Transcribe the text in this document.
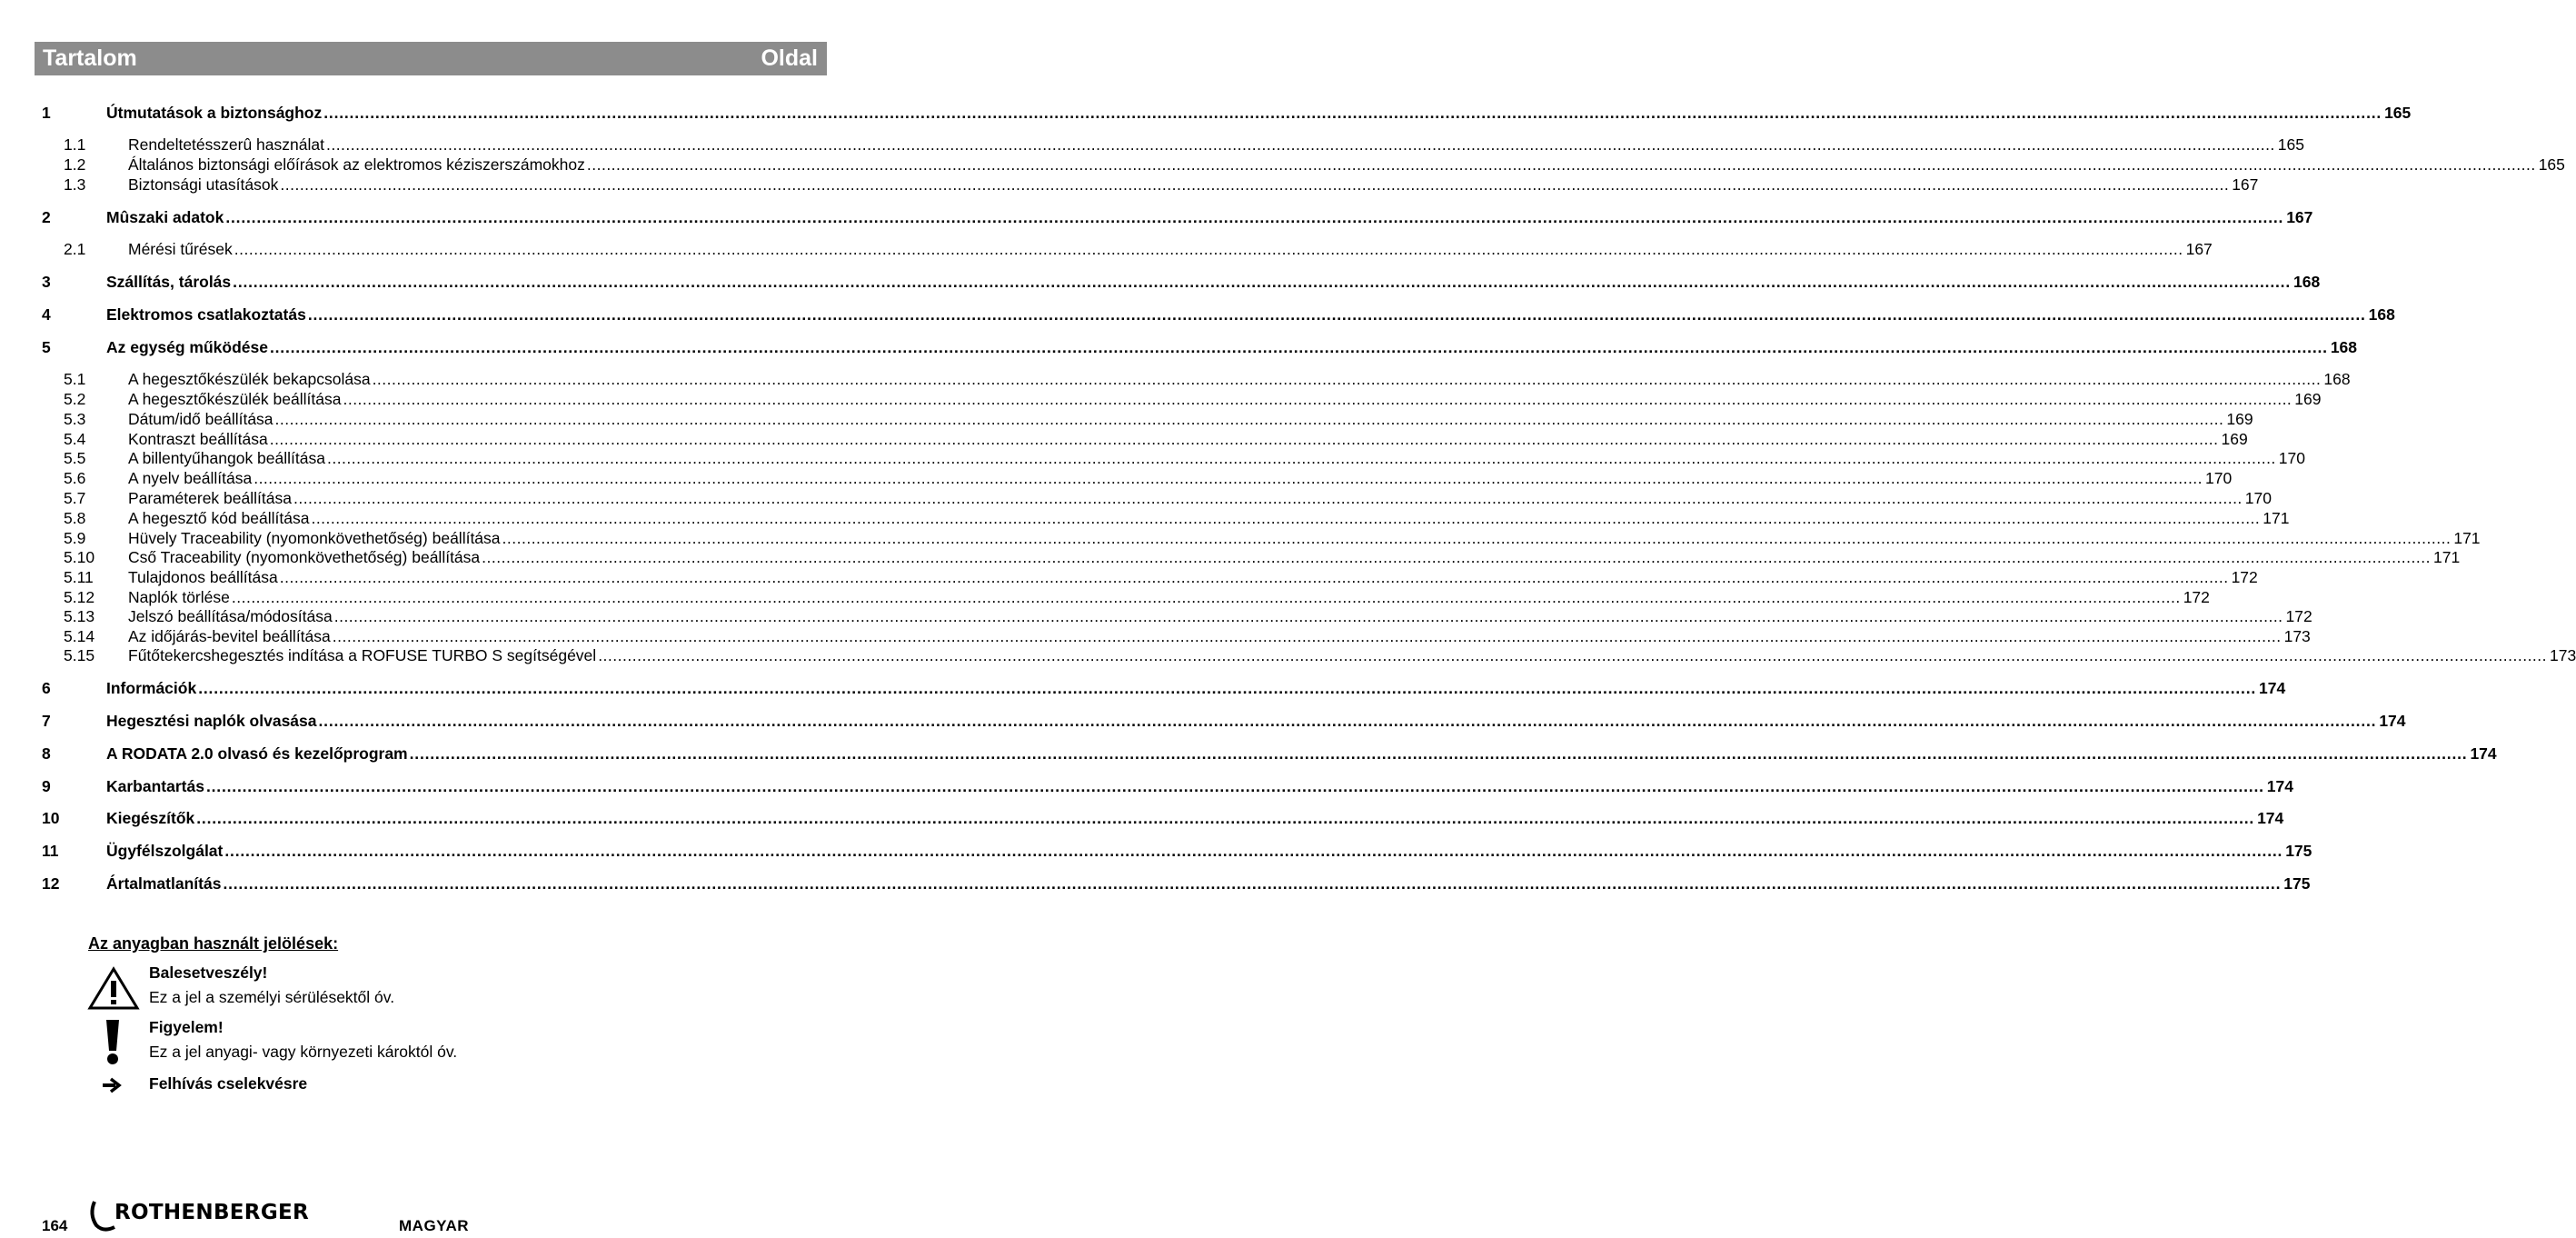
Tartalom	Oldal
1	Útmutatások a biztonsághoz ................................................................................................................................................................................................................................................................................................................................................................................................................ 165
1.1	Rendeltetésszerû használat ................................................................................................................................................................................................................................................................................................................................................................................................................ 165
1.2	Általános biztonsági előírások az elektromos kéziszerszámokhoz ................................................................................................................................................................................................................................................................................................................................................................................................................ 165
1.3	Biztonsági utasítások ................................................................................................................................................................................................................................................................................................................................................................................................................ 167
2	Mûszaki adatok ................................................................................................................................................................................................................................................................................................................................................................................................................ 167
2.1	Mérési tűrések ................................................................................................................................................................................................................................................................................................................................................................................................................ 167
3	Szállítás, tárolás ................................................................................................................................................................................................................................................................................................................................................................................................................ 168
4	Elektromos csatlakoztatás ................................................................................................................................................................................................................................................................................................................................................................................................................ 168
5	Az egység működése ................................................................................................................................................................................................................................................................................................................................................................................................................ 168
5.1	A hegesztőkészülék bekapcsolása ................................................................................................................................................................................................................................................................................................................................................................................................................ 168
5.2	A hegesztőkészülék beállítása ................................................................................................................................................................................................................................................................................................................................................................................................................ 169
5.3	Dátum/idő beállítása ................................................................................................................................................................................................................................................................................................................................................................................................................ 169
5.4	Kontraszt beállítása ................................................................................................................................................................................................................................................................................................................................................................................................................ 169
5.5	A billentyűhangok beállítása ................................................................................................................................................................................................................................................................................................................................................................................................................ 170
5.6	A nyelv beállítása ................................................................................................................................................................................................................................................................................................................................................................................................................ 170
5.7	Paraméterek beállítása ................................................................................................................................................................................................................................................................................................................................................................................................................ 170
5.8	A hegesztő kód beállítása ................................................................................................................................................................................................................................................................................................................................................................................................................ 171
5.9	Hüvely Traceability (nyomonkövethetőség) beállítása ................................................................................................................................................................................................................................................................................................................................................................................................................ 171
5.10 Cső Traceability (nyomonkövethetőség) beállítása ................................................................................................................................................................................................................................................................................................................................................................................................................ 171
5.11 Tulajdonos beállítása ................................................................................................................................................................................................................................................................................................................................................................................................................ 172
5.12 Naplók törlése ................................................................................................................................................................................................................................................................................................................................................................................................................ 172
5.13 Jelszó beállítása/módosítása ................................................................................................................................................................................................................................................................................................................................................................................................................ 172
5.14 Az időjárás-bevitel beállítása ................................................................................................................................................................................................................................................................................................................................................................................................................ 173
5.15 Fűtőtekercshegesztés indítása a ROFUSE TURBO S segítségével ................................................................................................................................................................................................................................................................................................................................................................................................................ 173
6	Információk ................................................................................................................................................................................................................................................................................................................................................................................................................ 174
7	Hegesztési naplók olvasása ................................................................................................................................................................................................................................................................................................................................................................................................................ 174
8	A RODATA 2.0 olvasó és kezelőprogram ................................................................................................................................................................................................................................................................................................................................................................................................................ 174
9	Karbantartás ................................................................................................................................................................................................................................................................................................................................................................................................................ 174
10	Kiegészítők ................................................................................................................................................................................................................................................................................................................................................................................................................ 174
11	Ügyfélszolgálat ................................................................................................................................................................................................................................................................................................................................................................................................................ 175
12	Ártalmatlanítás ................................................................................................................................................................................................................................................................................................................................................................................................................ 175
Az anyagban használt jelölések:
Balesetveszély!
Ez a jel a személyi sérülésektől óv.
Figyelem!
Ez a jel anyagi- vagy környezeti károktól óv.
Felhívás cselekvésre
164
ROTHENBERGER
MAGYAR
